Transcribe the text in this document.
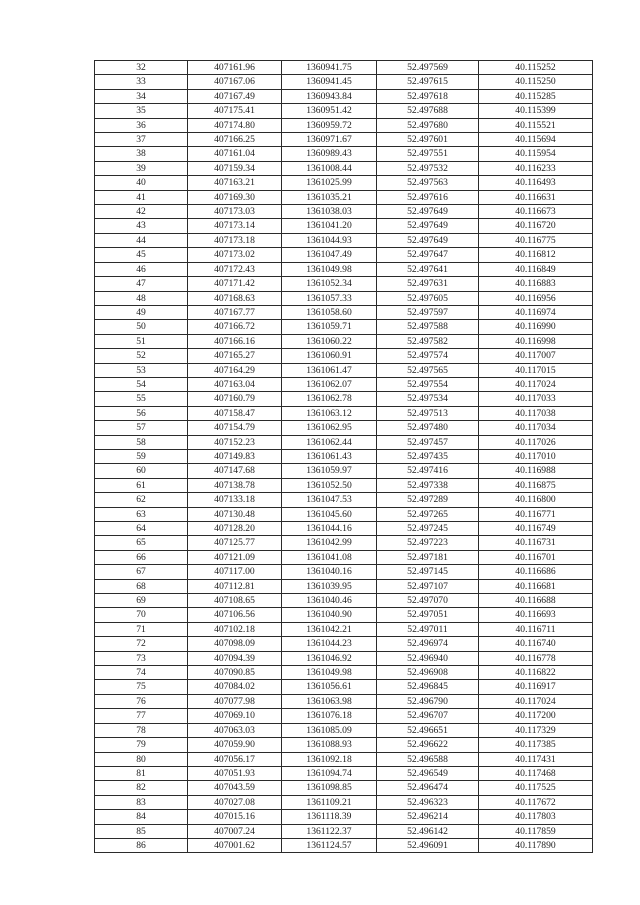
32	407161.96	1360941.75	52.497569	40.115252
33	407167.06	1360941.45	52.497615	40.115250
34	407167.49	1360943.84	52.497618	40.115285
35	407175.41	1360951.42	52.497688	40.115399
36	407174.80	1360959.72	52.497680	40.115521
37	407166.25	1360971.67	52.497601	40.115694
38	407161.04	1360989.43	52.497551	40.115954
39	407159.34	1361008.44	52.497532	40.116233
40	407163.21	1361025.99	52.497563	40.116493
41	407169.30	1361035.21	52.497616	40.116631
42	407173.03	1361038.03	52.497649	40.116673
43	407173.14	1361041.20	52.497649	40.116720
44	407173.18	1361044.93	52.497649	40.116775
45	407173.02	1361047.49	52.497647	40.116812
46	407172.43	1361049.98	52.497641	40.116849
47	407171.42	1361052.34	52.497631	40.116883
48	407168.63	1361057.33	52.497605	40.116956
49	407167.77	1361058.60	52.497597	40.116974
50	407166.72	1361059.71	52.497588	40.116990
51	407166.16	1361060.22	52.497582	40.116998
52	407165.27	1361060.91	52.497574	40.117007
53	407164.29	1361061.47	52.497565	40.117015
54	407163.04	1361062.07	52.497554	40.117024
55	407160.79	1361062.78	52.497534	40.117033
56	407158.47	1361063.12	52.497513	40.117038
57	407154.79	1361062.95	52.497480	40.117034
58	407152.23	1361062.44	52.497457	40.117026
59	407149.83	1361061.43	52.497435	40.117010
60	407147.68	1361059.97	52.497416	40.116988
61	407138.78	1361052.50	52.497338	40.116875
62	407133.18	1361047.53	52.497289	40.116800
63	407130.48	1361045.60	52.497265	40.116771
64	407128.20	1361044.16	52.497245	40.116749
65	407125.77	1361042.99	52.497223	40.116731
66	407121.09	1361041.08	52.497181	40.116701
67	407117.00	1361040.16	52.497145	40.116686
68	407112.81	1361039.95	52.497107	40.116681
69	407108.65	1361040.46	52.497070	40.116688
70	407106.56	1361040.90	52.497051	40.116693
71	407102.18	1361042.21	52.497011	40.116711
72	407098.09	1361044.23	52.496974	40.116740
73	407094.39	1361046.92	52.496940	40.116778
74	407090.85	1361049.98	52.496908	40.116822
75	407084.02	1361056.61	52.496845	40.116917
76	407077.98	1361063.98	52.496790	40.117024
77	407069.10	1361076.18	52.496707	40.117200
78	407063.03	1361085.09	52.496651	40.117329
79	407059.90	1361088.93	52.496622	40.117385
80	407056.17	1361092.18	52.496588	40.117431
81	407051.93	1361094.74	52.496549	40.117468
82	407043.59	1361098.85	52.496474	40.117525
83	407027.08	1361109.21	52.496323	40.117672
84	407015.16	1361118.39	52.496214	40.117803
85	407007.24	1361122.37	52.496142	40.117859
86	407001.62	1361124.57	52.496091	40.117890
